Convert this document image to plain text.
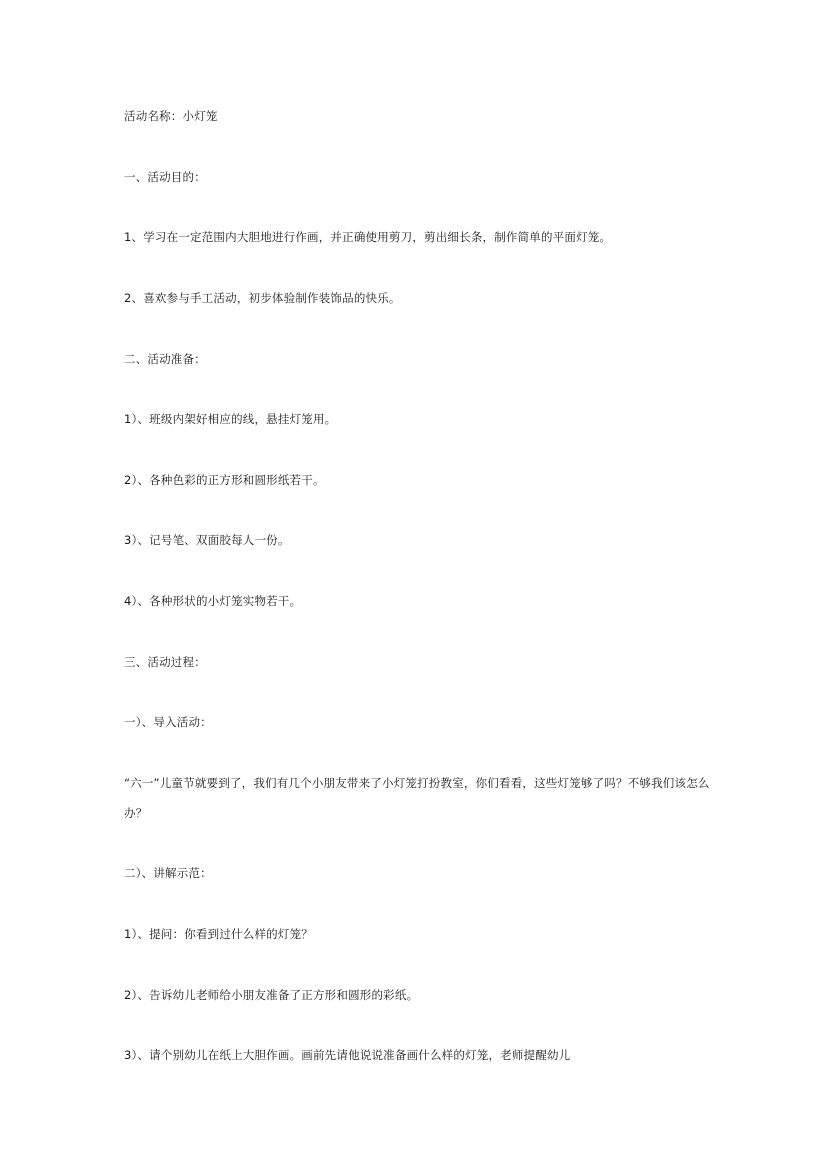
活动名称：小灯笼
一、活动目的：
1、学习在一定范围内大胆地进行作画，并正确使用剪刀，剪出细长条，制作简单的平面灯笼。
2、喜欢参与手工活动，初步体验制作装饰品的快乐。
二、活动准备：
1）、班级内架好相应的线，悬挂灯笼用。
2）、各种色彩的正方形和圆形纸若干。
3）、记号笔、双面胶每人一份。
4）、各种形状的小灯笼实物若干。
三、活动过程：
一）、导入活动：
“六一”儿童节就要到了，我们有几个小朋友带来了小灯笼打扮教室，你们看看，这些灯笼够了吗？不够我们该怎么办？
二）、讲解示范：
1）、提问：你看到过什么样的灯笼？
2）、告诉幼儿老师给小朋友准备了正方形和圆形的彩纸。
3）、请个别幼儿在纸上大胆作画。画前先请他说说准备画什么样的灯笼，老师提醒幼儿
